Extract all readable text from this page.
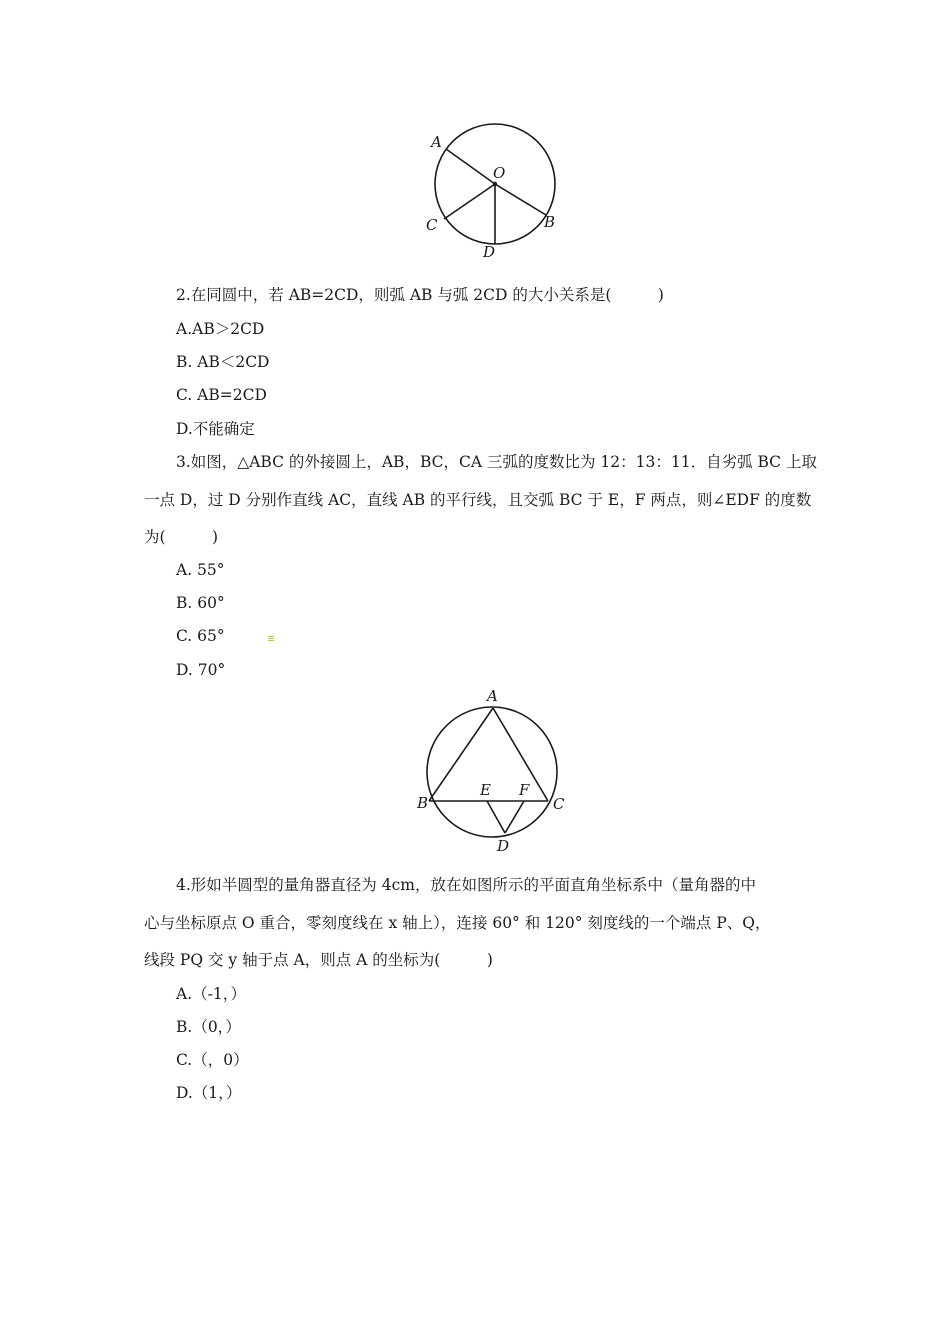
A
O
B
C
D
2.在同圆中，若 AB=2CD，则弧 AB 与弧 2CD 的大小关系是(　　　)
A.AB＞2CD
B. AB＜2CD
C. AB=2CD
D.不能确定
3.如图，△ABC 的外接圆上，AB，BC，CA 三弧的度数比为 12：13：11．自劣弧 BC 上取
一点 D，过 D 分别作直线 AC，直线 AB 的平行线，且交弧 BC 于 E，F 两点，则∠EDF 的度数
为(　　　)
A. 55°
B. 60°
C. 65°
D. 70°
A
B	C
D
E F
4.形如半圆型的量角器直径为 4cm，放在如图所示的平面直角坐标系中（量角器的中
心与坐标原点 O 重合，零刻度线在 x 轴上），连接 60° 和 120° 刻度线的一个端点 P、Q，
线段 PQ 交 y 轴于点 A，则点 A 的坐标为(　　　)
A.（-1，）
B.（0，）
C.（，0）
D.（1，）
